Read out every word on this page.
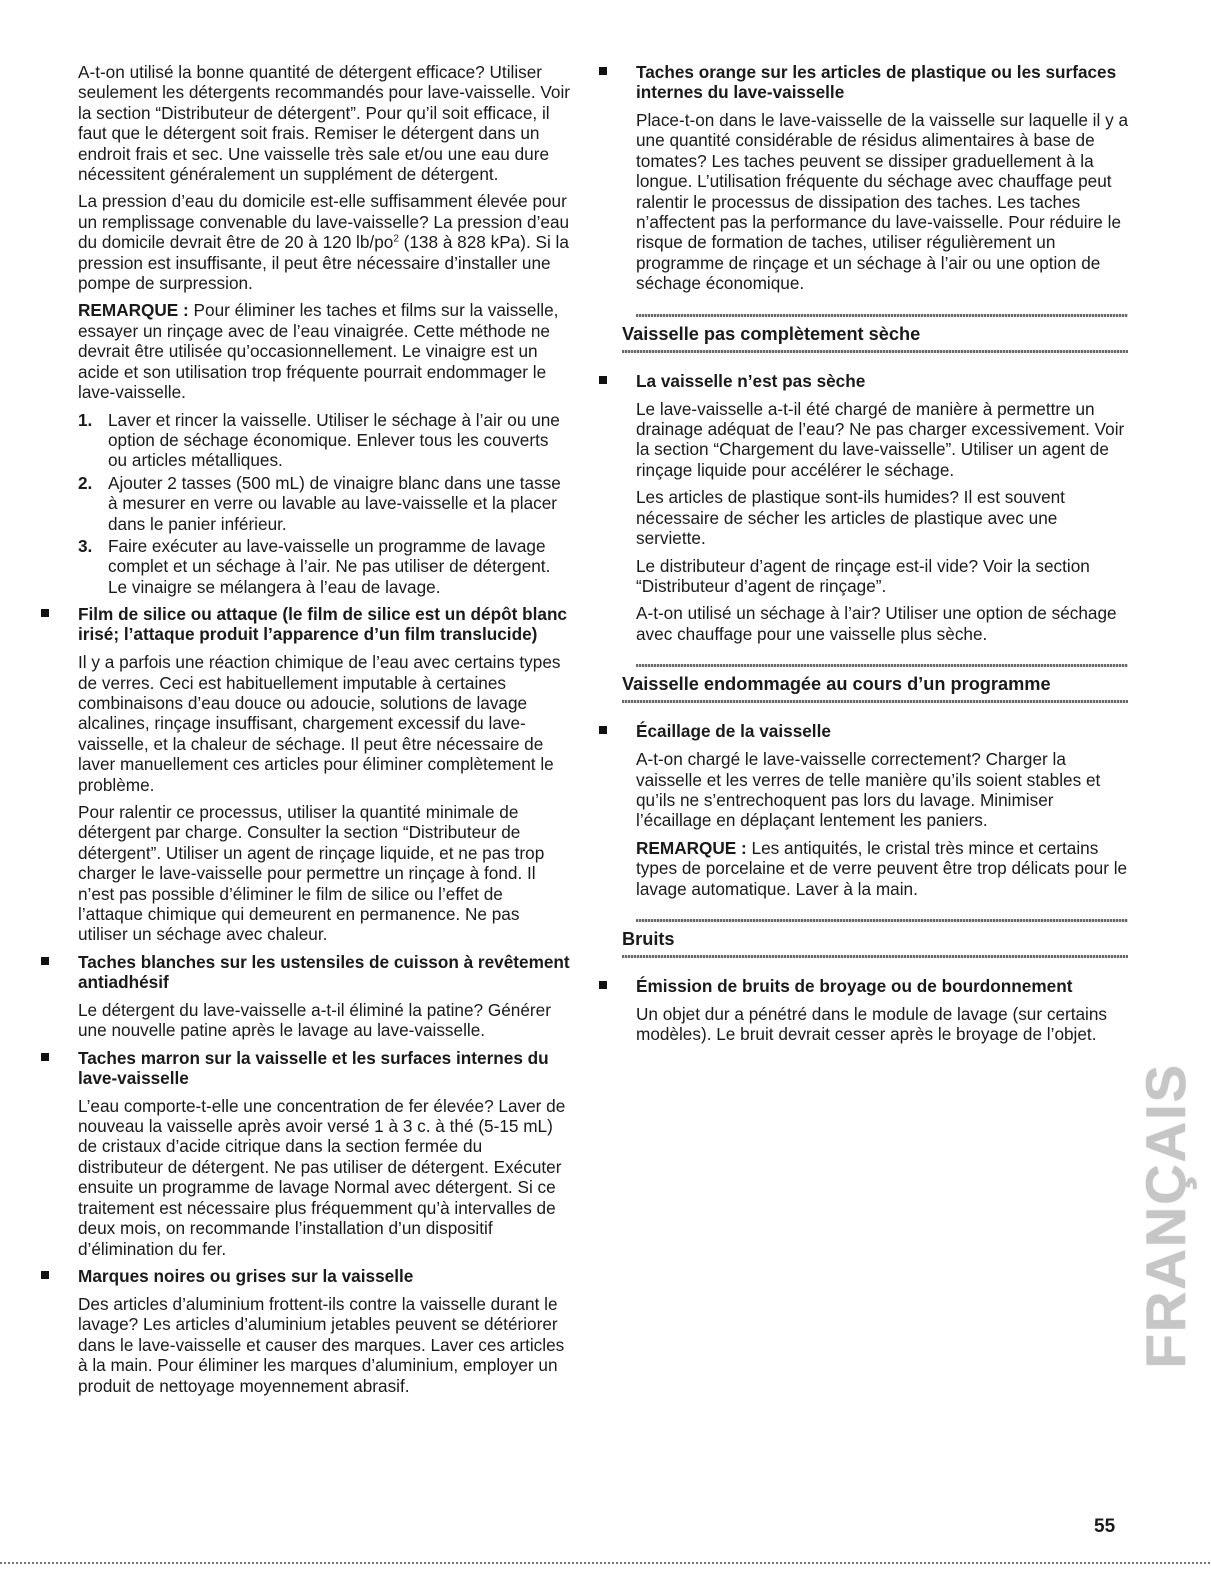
A-t-on utilisé la bonne quantité de détergent efficace? Utiliser seulement les détergents recommandés pour lave-vaisselle. Voir la section “Distributeur de détergent”. Pour qu’il soit efficace, il faut que le détergent soit frais. Remiser le détergent dans un endroit frais et sec. Une vaisselle très sale et/ou une eau dure nécessitent généralement un supplément de détergent.

La pression d’eau du domicile est-elle suffisamment élevée pour un remplissage convenable du lave-vaisselle? La pression d’eau du domicile devrait être de 20 à 120 $lb/po^2$ (138 à 828 kPa). Si la pression est insuffisante, il peut être nécessaire d’installer une pompe de surpression.

REMARQUE : Pour éliminer les taches et films sur la vaisselle, essayer un rinçage avec de l’eau vinaigrée. Cette méthode ne devrait être utilisée qu’occasionnellement. Le vinaigre est un acide et son utilisation trop fréquente pourrait endommager le lave-vaisselle.

1. Laver et rincer la vaisselle. Utiliser le séchage à l’air ou une option de séchage économique. Enlever tous les couverts ou articles métalliques.
2. Ajouter 2 tasses (500 mL) de vinaigre blanc dans une tasse à mesurer en verre ou lavable au lave-vaisselle et la placer dans le panier inférieur.
3. Faire exécuter au lave-vaisselle un programme de lavage complet et un séchage à l’air. Ne pas utiliser de détergent. Le vinaigre se mélangera à l’eau de lavage.
Film de silice ou attaque (le film de silice est un dépôt blanc irisé; l’attaque produit l’apparence d’un film translucide)

Il y a parfois une réaction chimique de l’eau avec certains types de verres. Ceci est habituellement imputable à certaines combinaisons d’eau douce ou adoucie, solutions de lavage alcalines, rinçage insuffisant, chargement excessif du lave-vaisselle, et la chaleur de séchage. Il peut être nécessaire de laver manuellement ces articles pour éliminer complètement le problème.

Pour ralentir ce processus, utiliser la quantité minimale de détergent par charge. Consulter la section “Distributeur de détergent”. Utiliser un agent de rinçage liquide, et ne pas trop charger le lave-vaisselle pour permettre un rinçage à fond. Il n’est pas possible d’éliminer le film de silice ou l’effet de l’attaque chimique qui demeurent en permanence. Ne pas utiliser un séchage avec chaleur.

Taches blanches sur les ustensiles de cuisson à revêtement antiadhésif

Le détergent du lave-vaisselle a-t-il éliminé la patine? Générer une nouvelle patine après le lavage au lave-vaisselle.

Taches marron sur la vaisselle et les surfaces internes du lave-vaisselle

L’eau comporte-t-elle une concentration de fer élevée? Laver de nouveau la vaisselle après avoir versé 1 à 3 c. à thé (5-15 mL) de cristaux d’acide citrique dans la section fermée du distributeur de détergent. Ne pas utiliser de détergent. Exécuter ensuite un programme de lavage Normal avec détergent. Si ce traitement est nécessaire plus fréquemment qu’à intervalles de deux mois, on recommande l’installation d’un dispositif d’élimination du fer.

Marques noires ou grises sur la vaisselle

Des articles d’aluminium frottent-ils contre la vaisselle durant le lavage? Les articles d’aluminium jetables peuvent se détériorer dans le lave-vaisselle et causer des marques. Laver ces articles à la main. Pour éliminer les marques d’aluminium, employer un produit de nettoyage moyennement abrasif.

Taches orange sur les articles de plastique ou les surfaces internes du lave-vaisselle

Place-t-on dans le lave-vaisselle de la vaisselle sur laquelle il y a une quantité considérable de résidus alimentaires à base de tomates? Les taches peuvent se dissiper graduellement à la longue. L’utilisation fréquente du séchage avec chauffage peut ralentir le processus de dissipation des taches. Les taches n’affectent pas la performance du lave-vaisselle. Pour réduire le risque de formation de taches, utiliser régulièrement un programme de rinçage et un séchage à l’air ou une option de séchage économique.

Vaisselle pas complètement sèche
La vaisselle n’est pas sèche

Le lave-vaisselle a-t-il été chargé de manière à permettre un drainage adéquat de l’eau? Ne pas charger excessivement. Voir la section “Chargement du lave-vaisselle”. Utiliser un agent de rinçage liquide pour accélérer le séchage.

Les articles de plastique sont-ils humides? Il est souvent nécessaire de sécher les articles de plastique avec une serviette.

Le distributeur d’agent de rinçage est-il vide? Voir la section “Distributeur d’agent de rinçage”.

A-t-on utilisé un séchage à l’air? Utiliser une option de séchage avec chauffage pour une vaisselle plus sèche.

Vaisselle endommagée au cours d’un programme
Écaillage de la vaisselle

A-t-on chargé le lave-vaisselle correctement? Charger la vaisselle et les verres de telle manière qu’ils soient stables et qu’ils ne s’entrechoquent pas lors du lavage. Minimiser l’écaillage en déplaçant lentement les paniers.

REMARQUE : Les antiquités, le cristal très mince et certains types de porcelaine et de verre peuvent être trop délicats pour le lavage automatique. Laver à la main.

Bruits
Émission de bruits de broyage ou de bourdonnement

Un objet dur a pénétré dans le module de lavage (sur certains modèles). Le bruit devrait cesser après le broyage de l’objet.

FRANÇAIS
55
